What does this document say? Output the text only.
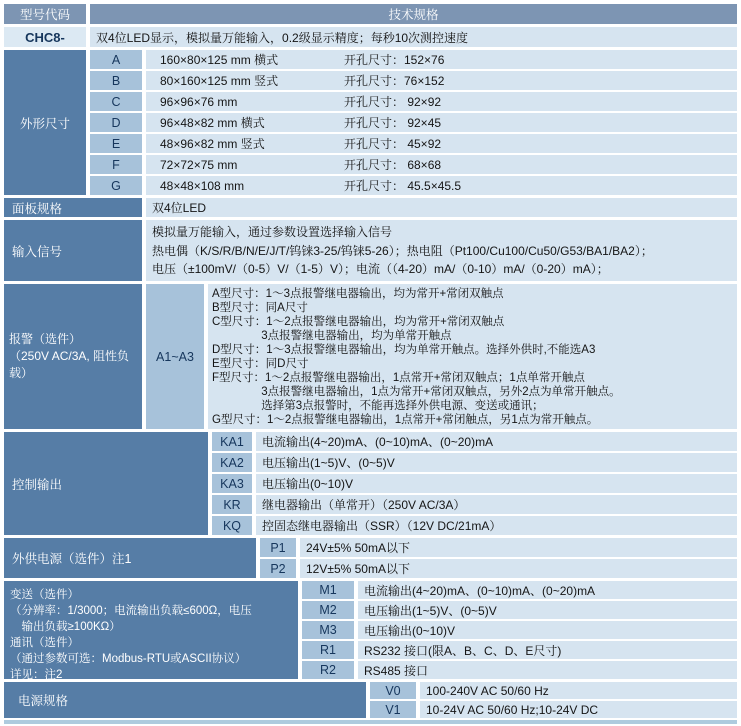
型号代码	技术规格
CHC8-	双4位LED显示，模拟量万能输入，0.2级显示精度；每秒10次测控速度
外形尺寸
A	160×80×125 mm 横式	开孔尺寸：152×76
B	80×160×125 mm 竖式	开孔尺寸：76×152
C	96×96×76 mm	开孔尺寸： 92×92
D	96×48×82 mm 横式	开孔尺寸： 92×45
E	48×96×82 mm 竖式	开孔尺寸： 45×92
F	72×72×75 mm	开孔尺寸： 68×68
G	48×48×108 mm	开孔尺寸： 45.5×45.5
面板规格	双4位LED
输入信号
模拟量万能输入，通过参数设置选择输入信号
热电偶（K/S/R/B/N/E/J/T/钨铼3-25/钨铼5-26）；热电阻（Pt100/Cu100/Cu50/G53/BA1/BA2）；
电压（±100mV/（0-5）V/（1-5）V）；电流（（4-20）mA/（0-10）mA/（0-20）mA）；
报警（选件）
（250V AC/3A, 阻性负载）
A1~A3
A型尺寸：1～3点报警继电器输出，均为常开+常闭双触点
B型尺寸：同A尺寸
C型尺寸：1～2点报警继电器输出，均为常开+常闭双触点
　　　　 3点报警继电器输出，均为单常开触点
D型尺寸：1～3点报警继电器输出，均为单常开触点。选择外供时,不能选A3
E型尺寸：同D尺寸
F型尺寸：1～2点报警继电器输出，1点常开+常闭双触点；1点单常开触点
　　　　 3点报警继电器输出，1点为常开+常闭双触点，另外2点为单常开触点。
　　　　 选择第3点报警时，不能再选择外供电源、变送或通讯；
G型尺寸：1～2点报警继电器输出，1点常开+常闭触点，另1点为常开触点。
控制输出
KA1	电流输出(4~20)mA、(0~10)mA、(0~20)mA
KA2	电压输出(1~5)V、(0~5)V
KA3	电压输出(0~10)V
KR	继电器输出（单常开）（250V AC/3A）
KQ	控固态继电器输出（SSR）（12V DC/21mA）
外供电源（选件）注1
P1	24V±5% 50mA以下
P2	12V±5% 50mA以下
变送（选件）
（分辨率：1/3000；电流输出负载≤600Ω，电压
　输出负载≥100KΩ）
通讯（选件）
（通过参数可选：Modbus-RTU或ASCII协议）
详见：注2
M1	电流输出(4~20)mA、(0~10)mA、(0~20)mA
M2	电压输出(1~5)V、(0~5)V
M3	电压输出(0~10)V
R1	RS232 接口(限A、B、C、D、E尺寸)
R2	RS485 接口
电源规格
V0	100-240V AC 50/60 Hz
V1	10-24V AC 50/60 Hz;10-24V DC
